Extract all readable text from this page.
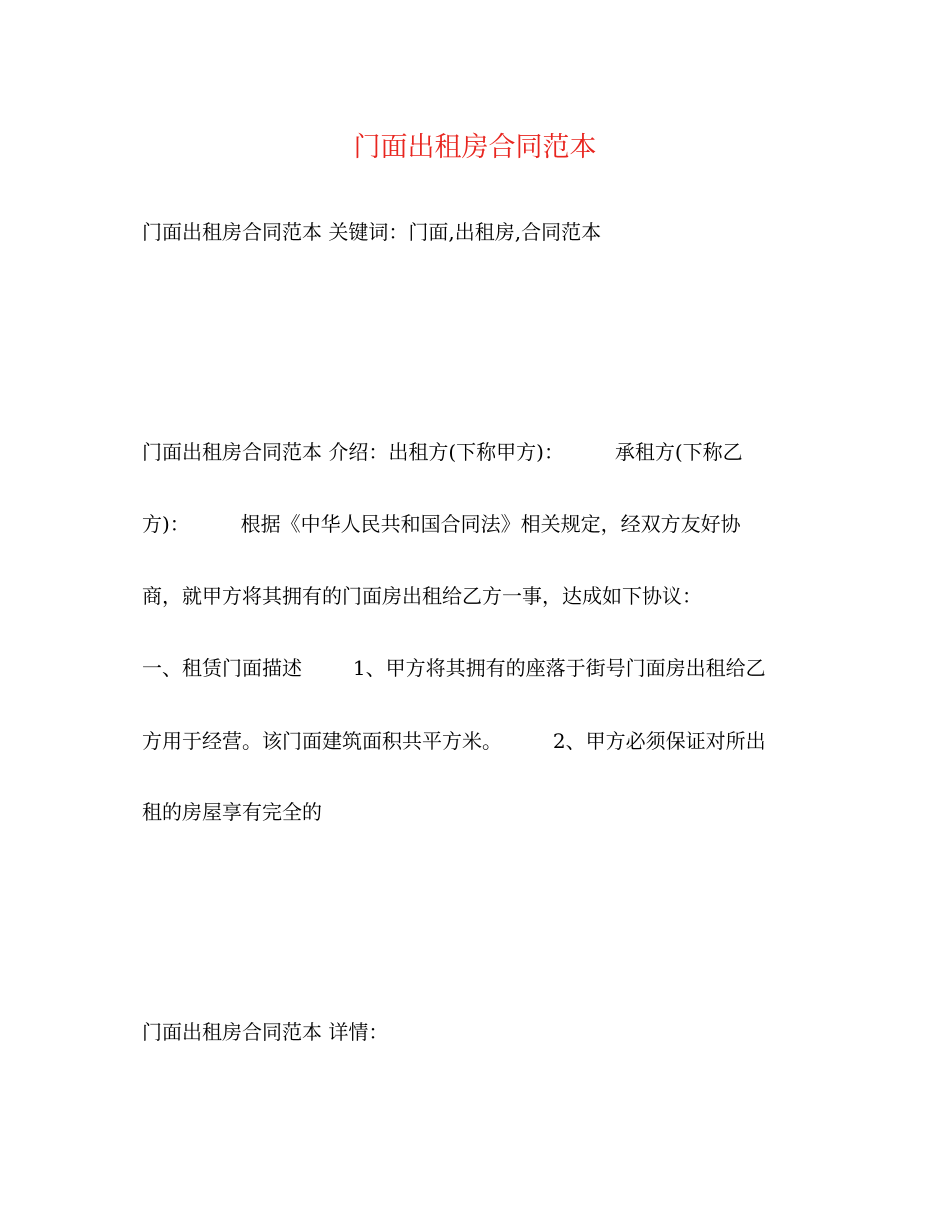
门面出租房合同范本

门面出租房合同范本 关键词：门面,出租房,合同范本

门面出租房合同范本 介绍：出租方(下称甲方)：        承租方(下称乙

方)：        根据《中华人民共和国合同法》相关规定，经双方友好协

商，就甲方将其拥有的门面房出租给乙方一事，达成如下协议：

一、租赁门面描述        1、甲方将其拥有的座落于街号门面房出租给乙

方用于经营。该门面建筑面积共平方米。        2、甲方必须保证对所出

租的房屋享有完全的

门面出租房合同范本 详情：
